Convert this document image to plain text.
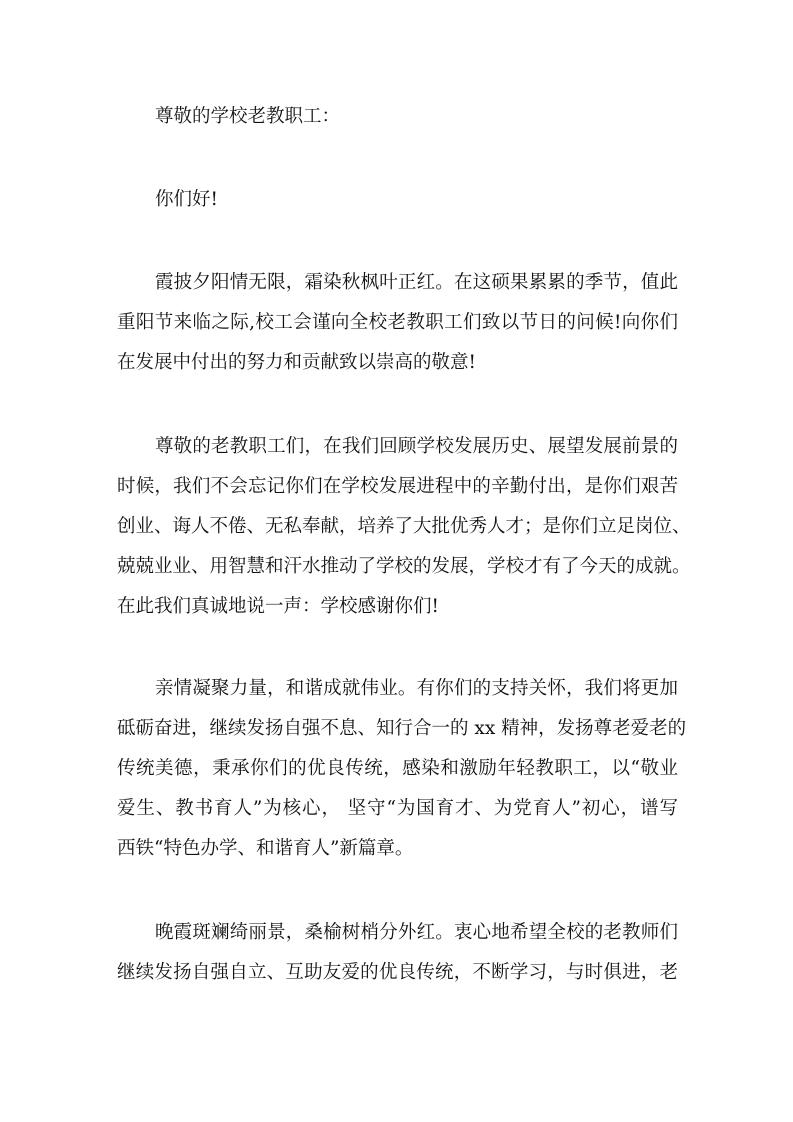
尊敬的学校老教职工：
你们好!
霞披夕阳情无限，霜染秋枫叶正红。在这硕果累累的季节，值此
重阳节来临之际,校工会谨向全校老教职工们致以节日的问候!向你们
在发展中付出的努力和贡献致以崇高的敬意!
尊敬的老教职工们，在我们回顾学校发展历史、展望发展前景的
时候，我们不会忘记你们在学校发展进程中的辛勤付出，是你们艰苦
创业、诲人不倦、无私奉献，培养了大批优秀人才；是你们立足岗位、
兢兢业业、用智慧和汗水推动了学校的发展，学校才有了今天的成就。
在此我们真诚地说一声：学校感谢你们!
亲情凝聚力量，和谐成就伟业。有你们的支持关怀，我们将更加
砥砺奋进，继续发扬自强不息、知行合一的 xx 精神，发扬尊老爱老的
传统美德，秉承你们的优良传统，感染和激励年轻教职工，以“敬业
爱生、教书育人”为核心， 坚守“为国育才、为党育人”初心，谱写
西铁“特色办学、和谐育人”新篇章。
晚霞斑斓绮丽景，桑榆树梢分外红。衷心地希望全校的老教师们
继续发扬自强自立、互助友爱的优良传统，不断学习，与时俱进，老
